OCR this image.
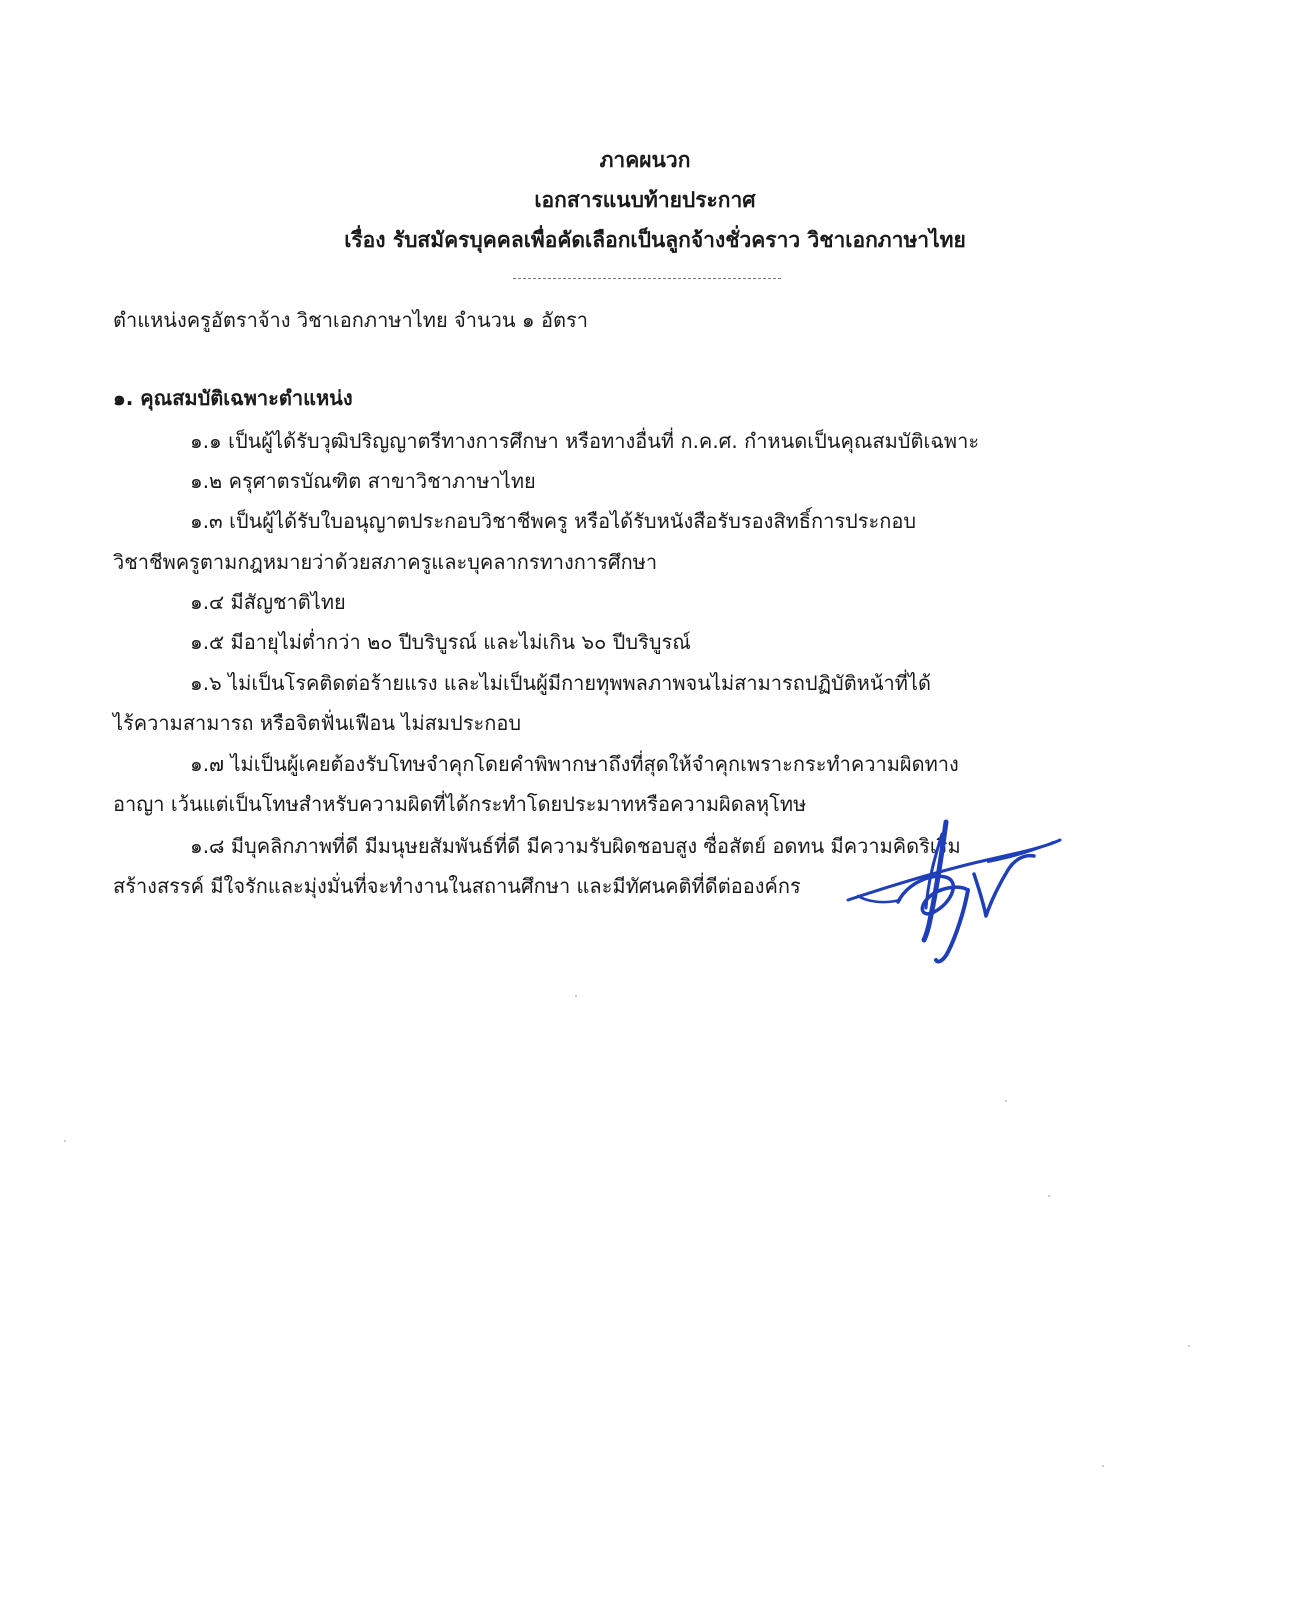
ภาคผนวก
เอกสารแนบท้ายประกาศ
เรื่อง รับสมัครบุคคลเพื่อคัดเลือกเป็นลูกจ้างชั่วคราว วิชาเอกภาษาไทย
ตำแหน่งครูอัตราจ้าง วิชาเอกภาษาไทย จำนวน ๑ อัตรา
๑. คุณสมบัติเฉพาะตำแหน่ง
๑.๑ เป็นผู้ได้รับวุฒิปริญญาตรีทางการศึกษา หรือทางอื่นที่ ก.ค.ศ. กำหนดเป็นคุณสมบัติเฉพาะ
๑.๒ ครุศาตรบัณฑิต สาขาวิชาภาษาไทย
๑.๓ เป็นผู้ได้รับใบอนุญาตประกอบวิชาชีพครู หรือได้รับหนังสือรับรองสิทธิ์การประกอบ
วิชาชีพครูตามกฎหมายว่าด้วยสภาครูและบุคลากรทางการศึกษา
๑.๔ มีสัญชาติไทย
๑.๕ มีอายุไม่ต่ำกว่า ๒๐ ปีบริบูรณ์ และไม่เกิน ๖๐ ปีบริบูรณ์
๑.๖ ไม่เป็นโรคติดต่อร้ายแรง และไม่เป็นผู้มีกายทุพพลภาพจนไม่สามารถปฏิบัติหน้าที่ได้
ไร้ความสามารถ หรือจิตฟั่นเฟือน ไม่สมประกอบ
๑.๗ ไม่เป็นผู้เคยต้องรับโทษจำคุกโดยคำพิพากษาถึงที่สุดให้จำคุกเพราะกระทำความผิดทาง
อาญา เว้นแต่เป็นโทษสำหรับความผิดที่ได้กระทำโดยประมาทหรือความผิดลหุโทษ
๑.๘ มีบุคลิกภาพที่ดี มีมนุษยสัมพันธ์ที่ดี มีความรับผิดชอบสูง ซื่อสัตย์ อดทน มีความคิดริเริ่ม
สร้างสรรค์ มีใจรักและมุ่งมั่นที่จะทำงานในสถานศึกษา และมีทัศนคติที่ดีต่อองค์กร
